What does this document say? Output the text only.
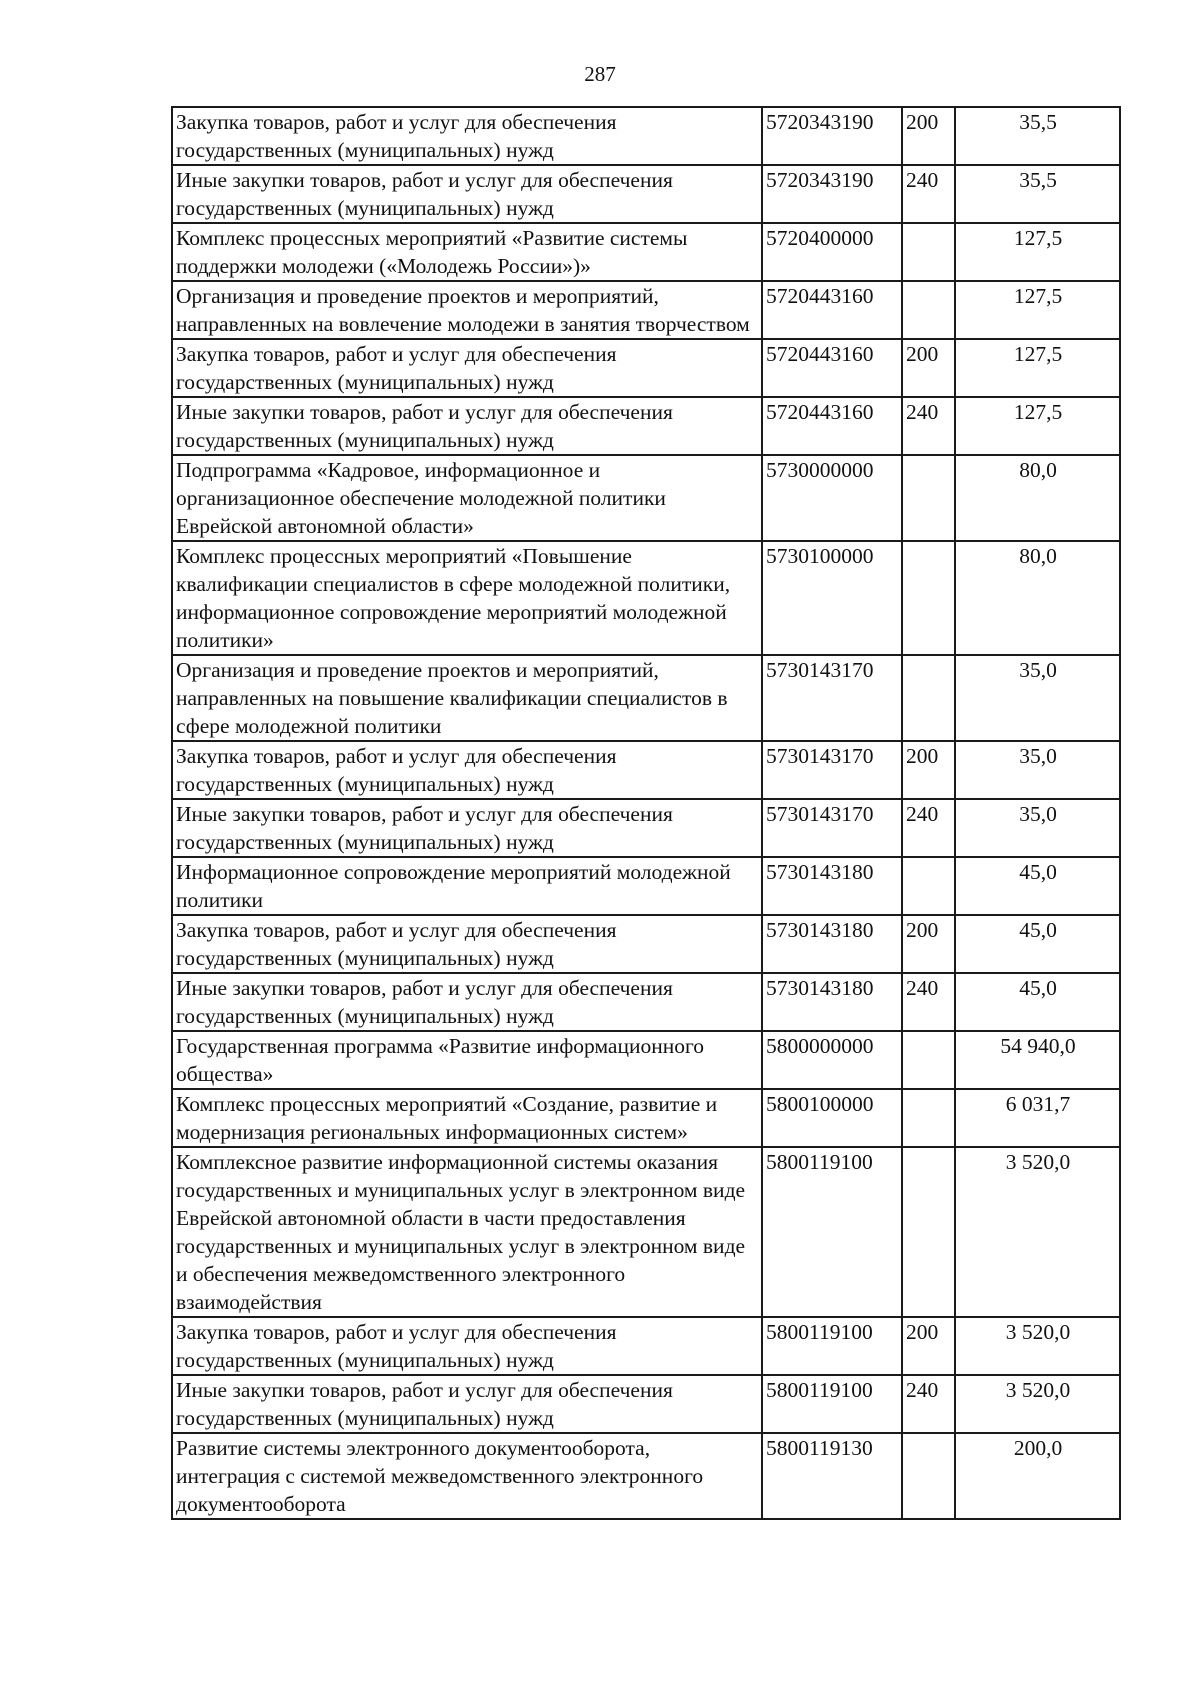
287
Закупка товаров, работ и услуг для обеспечения государственных (муниципальных) нужд	5720343190	200	35,5
Иные закупки товаров, работ и услуг для обеспечения государственных (муниципальных) нужд	5720343190	240	35,5
Комплекс процессных мероприятий «Развитие системы поддержки молодежи («Молодежь России»)»	5720400000		127,5
Организация и проведение проектов и мероприятий, направленных на вовлечение молодежи в занятия творчеством	5720443160		127,5
Закупка товаров, работ и услуг для обеспечения государственных (муниципальных) нужд	5720443160	200	127,5
Иные закупки товаров, работ и услуг для обеспечения государственных (муниципальных) нужд	5720443160	240	127,5
Подпрограмма «Кадровое, информационное и организационное обеспечение молодежной политики Еврейской автономной области»	5730000000		80,0
Комплекс процессных мероприятий «Повышение квалификации специалистов в сфере молодежной политики, информационное сопровождение мероприятий молодежной политики»	5730100000		80,0
Организация и проведение проектов и мероприятий, направленных на повышение квалификации специалистов в сфере молодежной политики	5730143170		35,0
Закупка товаров, работ и услуг для обеспечения государственных (муниципальных) нужд	5730143170	200	35,0
Иные закупки товаров, работ и услуг для обеспечения государственных (муниципальных) нужд	5730143170	240	35,0
Информационное сопровождение мероприятий молодежной политики	5730143180		45,0
Закупка товаров, работ и услуг для обеспечения государственных (муниципальных) нужд	5730143180	200	45,0
Иные закупки товаров, работ и услуг для обеспечения государственных (муниципальных) нужд	5730143180	240	45,0
Государственная программа «Развитие информационного общества»	5800000000		54 940,0
Комплекс процессных мероприятий «Создание, развитие и модернизация региональных информационных систем»	5800100000		6 031,7
Комплексное развитие информационной системы оказания государственных и муниципальных услуг в электронном виде Еврейской автономной области в части предоставления государственных и муниципальных услуг в электронном виде и обеспечения межведомственного электронного взаимодействия	5800119100		3 520,0
Закупка товаров, работ и услуг для обеспечения государственных (муниципальных) нужд	5800119100	200	3 520,0
Иные закупки товаров, работ и услуг для обеспечения государственных (муниципальных) нужд	5800119100	240	3 520,0
Развитие системы электронного документооборота, интеграция с системой межведомственного электронного документооборота	5800119130		200,0
